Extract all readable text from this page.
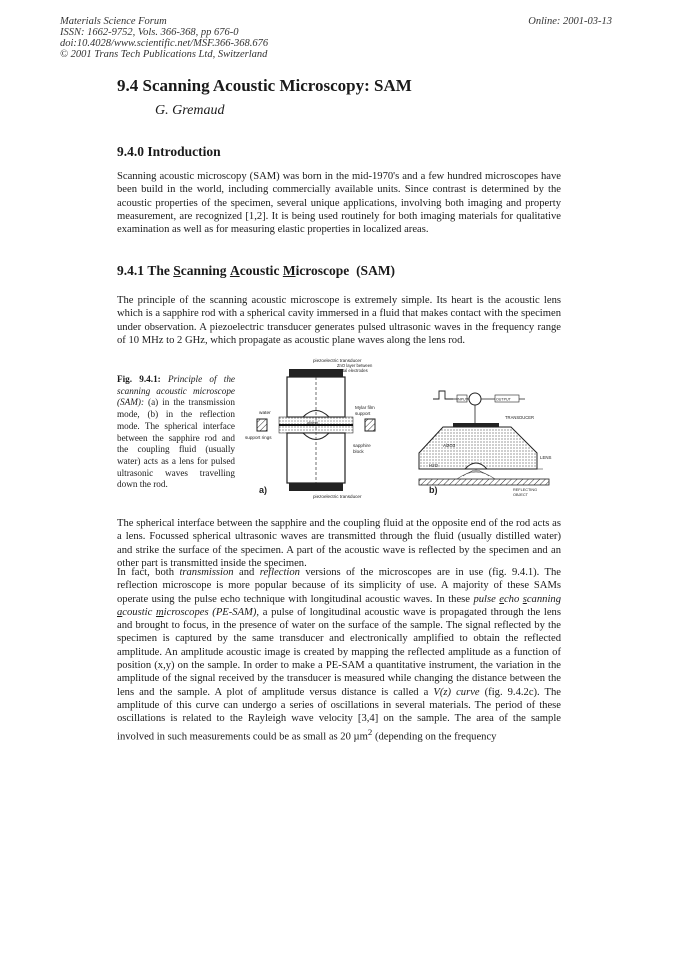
Materials Science Forum
ISSN: 1662-9752, Vols. 366-368, pp 676-0
doi:10.4028/www.scientific.net/MSF.366-368.676
© 2001 Trans Tech Publications Ltd, Switzerland
Online: 2001-03-13
9.4 Scanning Acoustic Microscopy: SAM
G. Gremaud
9.4.0 Introduction

Scanning acoustic microscopy (SAM) was born in the mid-1970's and a few hundred microscopes have been build in the world, including commercially available units. Since contrast is determined by the acoustic properties of the specimen, several unique applications, involving both imaging and property measurement, are recognized [1,2]. It is being used routinely for both imaging materials for qualitative examination as well as for measuring elastic properties in localized areas.

9.4.1 The Scanning Acoustic Microscope (SAM)

The principle of the scanning acoustic microscope is extremely simple. Its heart is the acoustic lens which is a sapphire rod with a spherical cavity immersed in a fluid that makes contact with the specimen under observation. A piezoelectric transducer generates pulsed ultrasonic waves in the frequency range of 10 MHz to 2 GHz, which propagate as acoustic plane waves along the lens rod.

Fig. 9.4.1: Principle of the scanning acoustic microscope (SAM): (a) in the transmission mode, (b) in the reflection mode. The spherical interface between the sapphire rod and the coupling fluid (usually water) acts as a lens for pulsed ultrasonic waves travelling down the rod.
piezoelectric transducer
ZnO layer between
metal electrodes
water
object
Mylar film
support
support rings
sapphire
block
piezoelectric transducer
a)
INPUT	OUTPUT
TRANSDUCER
Al2O3
LENS
H2O
REFLECTING
OBJECT
b)

The spherical interface between the sapphire and the coupling fluid at the opposite end of the rod acts as a lens. Focussed spherical ultrasonic waves are transmitted through the fluid (usually distilled water) and strike the surface of the specimen. A part of the acoustic wave is reflected by the specimen and an other part is transmitted inside the specimen.

In fact, both transmission and reflection versions of the microscopes are in use (fig. 9.4.1). The reflection microscope is more popular because of its simplicity of use. A majority of these SAMs operate using the pulse echo technique with longitudinal acoustic waves. In these pulse echo scanning acoustic microscopes (PE-SAM), a pulse of longitudinal acoustic wave is propagated through the lens and brought to focus, in the presence of water on the surface of the sample. The signal reflected by the specimen is captured by the same transducer and electronically amplified to obtain the reflected amplitude. An amplitude acoustic image is created by mapping the reflected amplitude as a function of position (x,y) on the sample. In order to make a PE-SAM a quantitative instrument, the variation in the amplitude of the signal received by the transducer is measured while changing the distance between the lens and the sample. A plot of amplitude versus distance is called a V(z) curve (fig. 9.4.2c). The amplitude of this curve can undergo a series of oscillations in several materials. The period of these oscillations is related to the Rayleigh wave velocity [3,4] on the sample. The area of the sample involved in such measurements could be as small as 20 µm$^2$ (depending on the frequency
